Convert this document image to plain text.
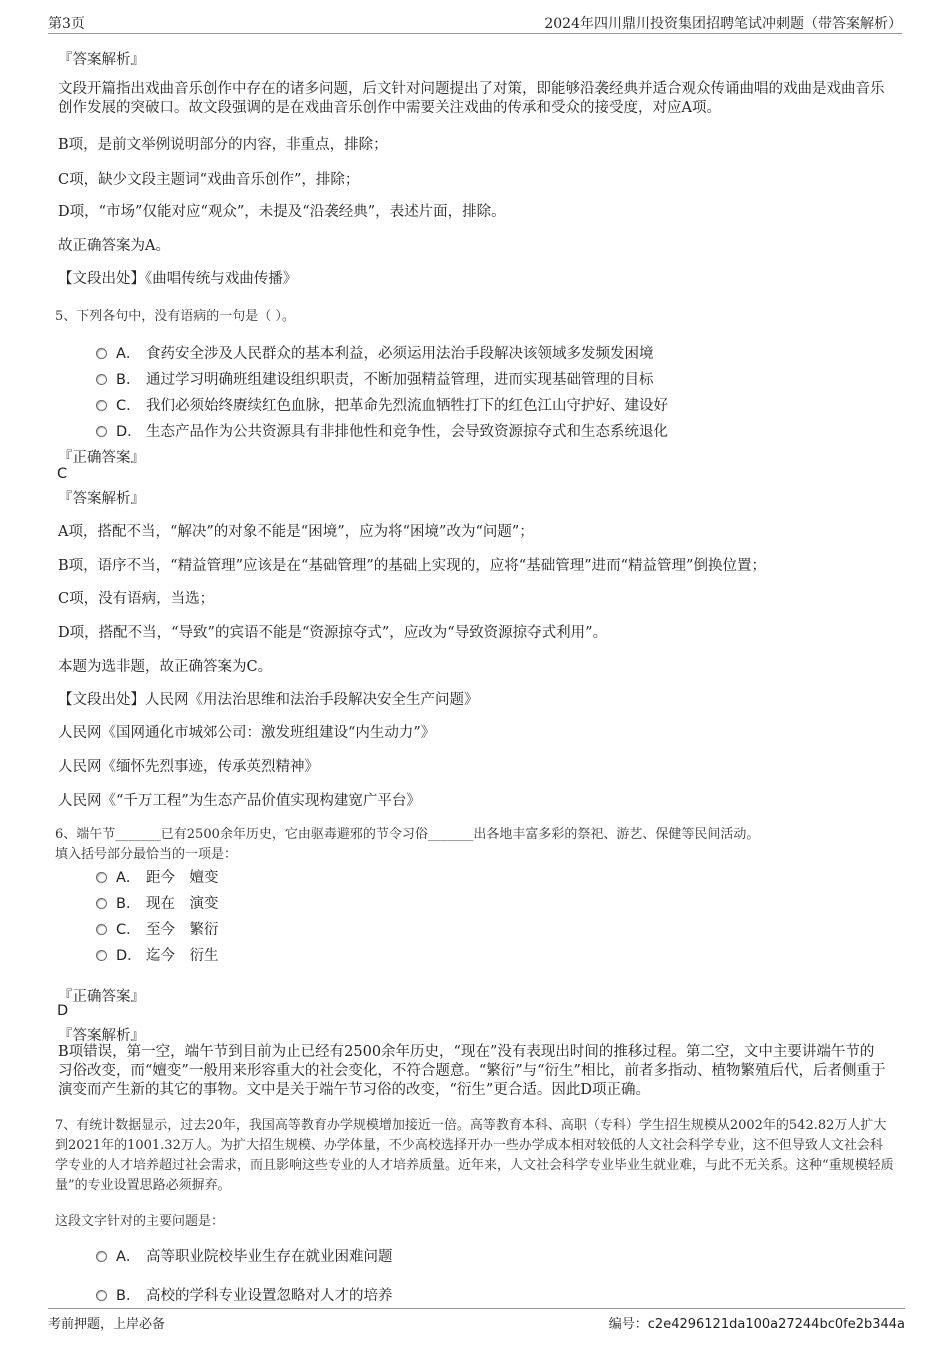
第3页	2024年四川鼎川投资集团招聘笔试冲刺题（带答案解析）
『答案解析』
文段开篇指出戏曲音乐创作中存在的诸多问题，后文针对问题提出了对策，即能够沿袭经典并适合观众传诵曲唱的戏曲是戏曲音乐创作发展的突破口。故文段强调的是在戏曲音乐创作中需要关注戏曲的传承和受众的接受度，对应A项。
B项，是前文举例说明部分的内容，非重点，排除；
C项，缺少文段主题词“戏曲音乐创作”，排除；
D项，“市场”仅能对应“观众”，未提及“沿袭经典”，表述片面，排除。
故正确答案为A。
【文段出处】《曲唱传统与戏曲传播》
5、下列各句中，没有语病的一句是（ ）。
A． 食药安全涉及人民群众的基本利益，必须运用法治手段解决该领域多发频发困境
B． 通过学习明确班组建设组织职责，不断加强精益管理，进而实现基础管理的目标
C． 我们必须始终赓续红色血脉，把革命先烈流血牺牲打下的红色江山守护好、建设好
D． 生态产品作为公共资源具有非排他性和竞争性，会导致资源掠夺式和生态系统退化
『正确答案』
C
『答案解析』
A项，搭配不当，“解决”的对象不能是“困境”，应为将“困境”改为“问题”；
B项，语序不当，“精益管理”应该是在“基础管理”的基础上实现的，应将“基础管理”进而“精益管理”倒换位置；
C项，没有语病，当选；
D项，搭配不当，“导致”的宾语不能是“资源掠夺式”，应改为“导致资源掠夺式利用”。
本题为选非题，故正确答案为C。
【文段出处】人民网《用法治思维和法治手段解决安全生产问题》
人民网《国网通化市城郊公司：激发班组建设“内生动力”》
人民网《缅怀先烈事迹，传承英烈精神》
人民网《“千万工程”为生态产品价值实现构建宽广平台》
6、端午节_______已有2500余年历史，它由驱毒避邪的节令习俗_______出各地丰富多彩的祭祀、游艺、保健等民间活动。
填入括号部分最恰当的一项是：
A． 距今　嬗变
B． 现在　演变
C． 至今　繁衍
D． 迄今　衍生
『正确答案』
D
『答案解析』
B项错误，第一空，端午节到目前为止已经有2500余年历史，“现在”没有表现出时间的推移过程。第二空，文中主要讲端午节的习俗改变，而“嬗变”一般用来形容重大的社会变化，不符合题意。“繁衍”与“衍生”相比，前者多指动、植物繁殖后代，后者侧重于演变而产生新的其它的事物。文中是关于端午节习俗的改变，“衍生”更合适。因此D项正确。
7、有统计数据显示，过去20年，我国高等教育办学规模增加接近一倍。高等教育本科、高职（专科）学生招生规模从2002年的542.82万人扩大到2021年的1001.32万人。为扩大招生规模、办学体量，不少高校选择开办一些办学成本相对较低的人文社会科学专业，这不但导致人文社会科学专业的人才培养超过社会需求，而且影响这些专业的人才培养质量。近年来，人文社会科学专业毕业生就业难，与此不无关系。这种“重规模轻质量”的专业设置思路必须摒弃。
这段文字针对的主要问题是：
A． 高等职业院校毕业生存在就业困难问题
B． 高校的学科专业设置忽略对人才的培养
考前押题，上岸必备	编号：c2e4296121da100a27244bc0fe2b344a
